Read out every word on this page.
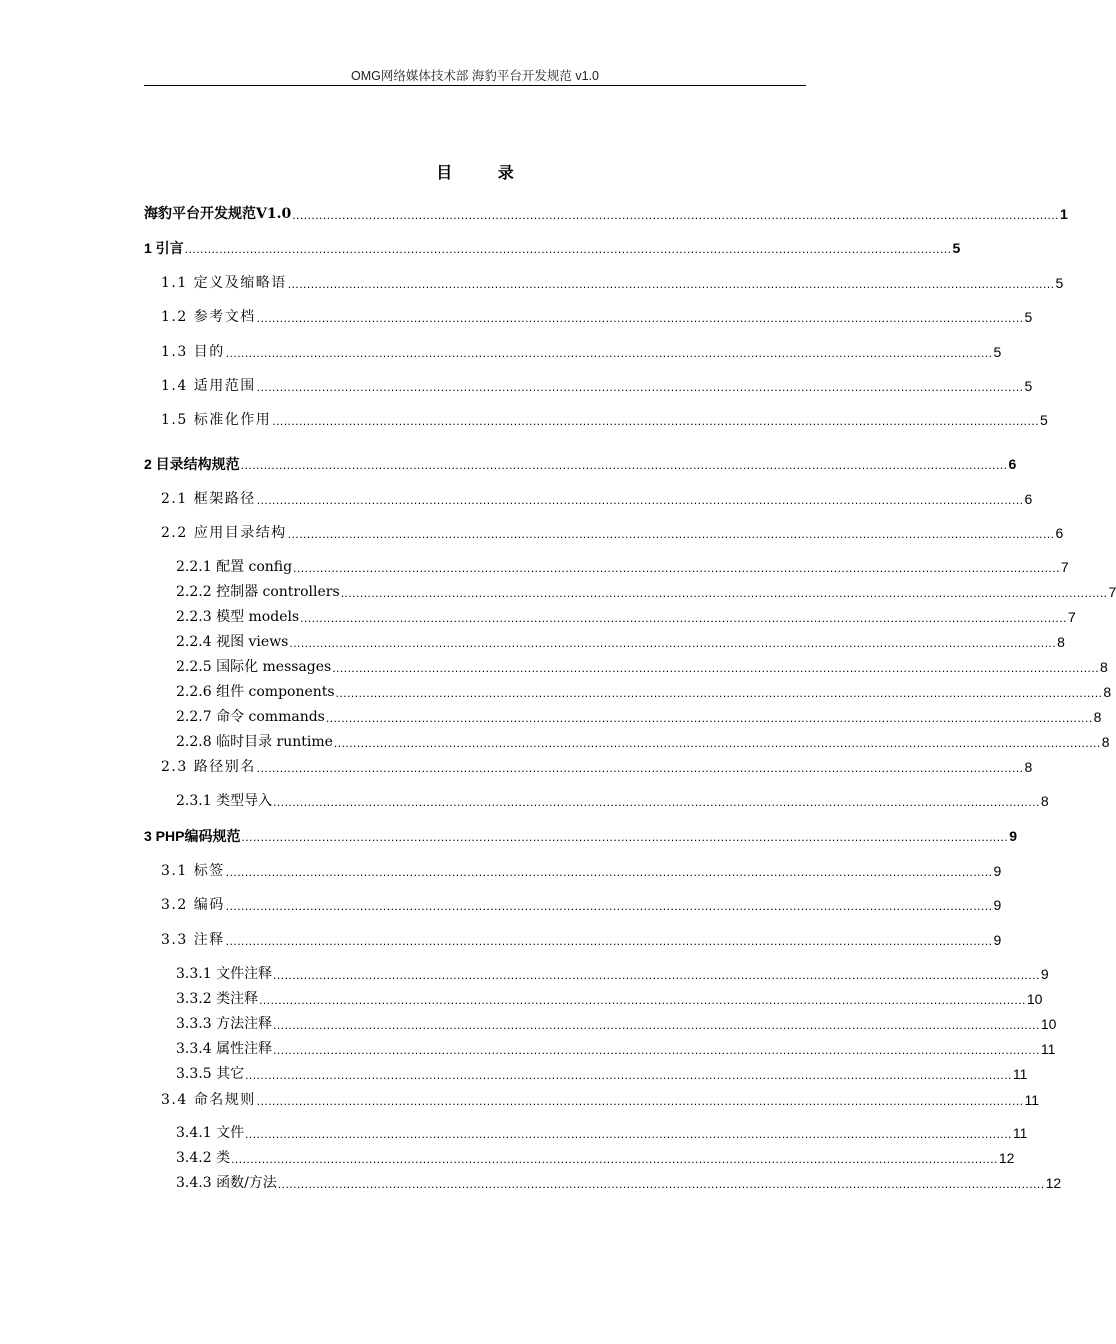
OMG网络媒体技术部 海豹平台开发规范 v1.0
目 录
海豹平台开发规范V1.0 ........................................................................................................................................................................................................ 1
1 引言 ........................................................................................................................................................................................................ 5
1.1 定义及缩略语 ........................................................................................................................................................................................................ 5
1.2 参考文档 ........................................................................................................................................................................................................ 5
1.3 目的 ........................................................................................................................................................................................................ 5
1.4 适用范围 ........................................................................................................................................................................................................ 5
1.5 标准化作用 ........................................................................................................................................................................................................ 5
2 目录结构规范 ........................................................................................................................................................................................................ 6
2.1 框架路径 ........................................................................................................................................................................................................ 6
2.2 应用目录结构 ........................................................................................................................................................................................................ 6
2.2.1 配置 config ........................................................................................................................................................................................................ 7
2.2.2 控制器 controllers ........................................................................................................................................................................................................ 7
2.2.3 模型 models ........................................................................................................................................................................................................ 7
2.2.4 视图 views ........................................................................................................................................................................................................ 8
2.2.5 国际化 messages ........................................................................................................................................................................................................ 8
2.2.6 组件 components ........................................................................................................................................................................................................ 8
2.2.7 命令 commands ........................................................................................................................................................................................................ 8
2.2.8 临时目录 runtime ........................................................................................................................................................................................................ 8
2.3 路径别名 ........................................................................................................................................................................................................ 8
2.3.1 类型导入 ........................................................................................................................................................................................................ 8
3 PHP编码规范 ........................................................................................................................................................................................................ 9
3.1 标签 ........................................................................................................................................................................................................ 9
3.2 编码 ........................................................................................................................................................................................................ 9
3.3 注释 ........................................................................................................................................................................................................ 9
3.3.1 文件注释 ........................................................................................................................................................................................................ 9
3.3.2 类注释 ........................................................................................................................................................................................................ 10
3.3.3 方法注释 ........................................................................................................................................................................................................ 10
3.3.4 属性注释 ........................................................................................................................................................................................................ 11
3.3.5 其它 ........................................................................................................................................................................................................ 11
3.4 命名规则 ........................................................................................................................................................................................................ 11
3.4.1 文件 ........................................................................................................................................................................................................ 11
3.4.2 类 ........................................................................................................................................................................................................ 12
3.4.3 函数/方法 ........................................................................................................................................................................................................ 12
